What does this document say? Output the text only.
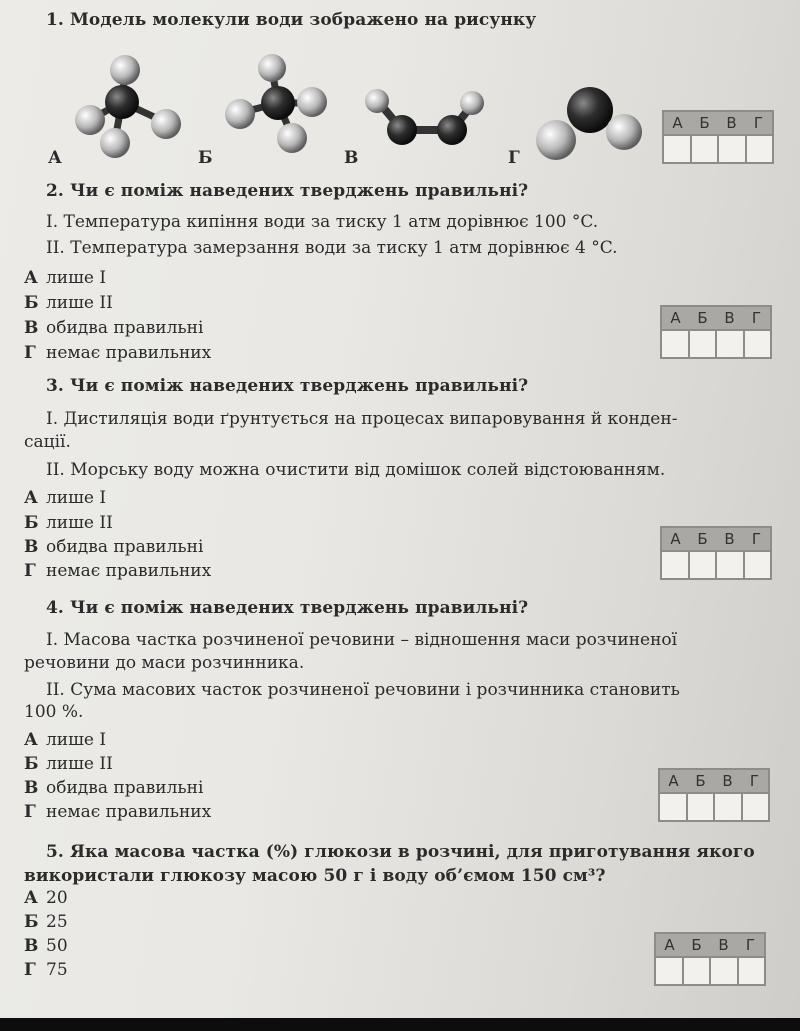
1. Модель молекули води зображено на рисунку
А	Б	В	Г
А	Б	В	Г
2. Чи є поміж наведених тверджень правильні?
I. Температура кипіння води за тиску 1 атм дорівнює 100 °C.
II. Температура замерзання води за тиску 1 атм дорівнює 4 °C.
А лише I
Б лише II
В обидва правильні
Г немає правильних
А	Б	В	Г
3. Чи є поміж наведених тверджень правильні?
I. Дистиляція води ґрунтується на процесах випаровування й конден-
сації.
II. Морську воду можна очистити від домішок солей відстоюванням.
А лише I
Б лише II
В обидва правильні
Г немає правильних
А	Б	В	Г
4. Чи є поміж наведених тверджень правильні?
I. Масова частка розчиненої речовини – відношення маси розчиненої
речовини до маси розчинника.
II. Сума масових часток розчиненої речовини і розчинника становить
100 %.
А лише I
Б лише II
В обидва правильні
Г немає правильних
А	Б	В	Г
5. Яка масова частка (%) глюкози в розчині, для приготування якого
використали глюкозу масою 50 г і воду об’ємом 150 см³?
А 20
Б 25
В 50
Г 75
А	Б	В	Г
